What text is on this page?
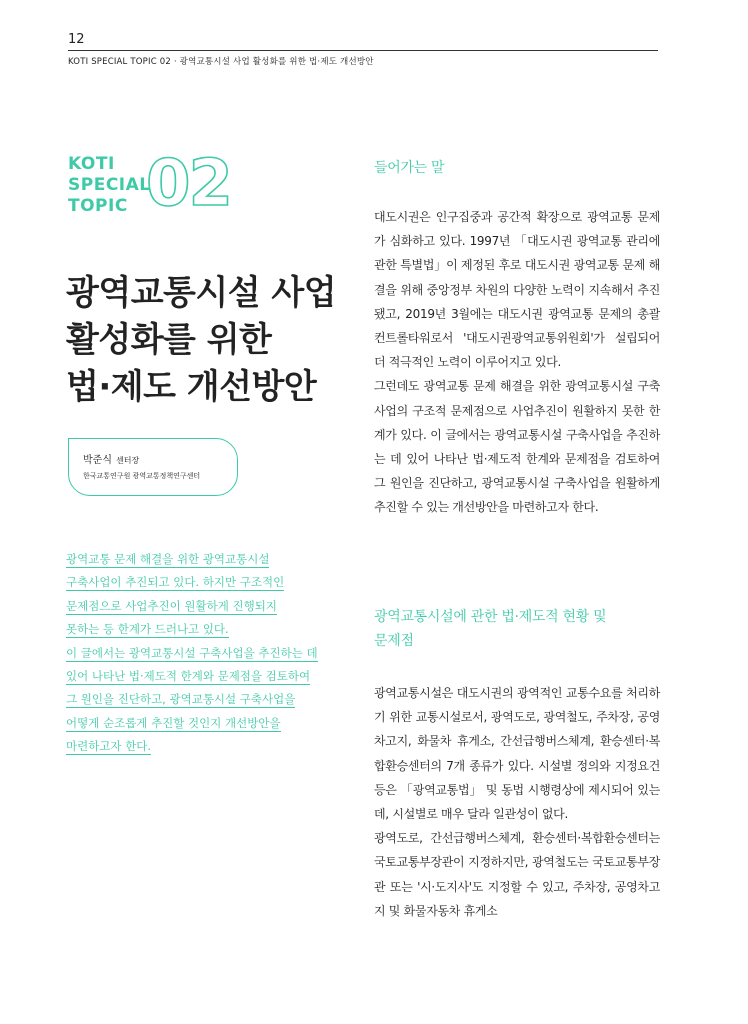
12
KOTI SPECIAL TOPIC 02 · 광역교통시설 사업 활성화를 위한 법·제도 개선방안
KOTI
SPECIAL
TOPIC 02
광역교통시설 사업
활성화를 위한
법·제도 개선방안
박준식 센터장
한국교통연구원 광역교통정책연구센터
광역교통 문제 해결을 위한 광역교통시설
구축사업이 추진되고 있다. 하지만 구조적인
문제점으로 사업추진이 원활하게 진행되지
못하는 등 한계가 드러나고 있다.
이 글에서는 광역교통시설 구축사업을 추진하는 데
있어 나타난 법·제도적 한계와 문제점을 검토하여
그 원인을 진단하고, 광역교통시설 구축사업을
어떻게 순조롭게 추진할 것인지 개선방안을
마련하고자 한다.
들어가는 말

대도시권은 인구집중과 공간적 확장으로 광역교통 문제가 심화하고 있다. 1997년 「대도시권 광역교통 관리에 관한 특별법」이 제정된 후로 대도시권 광역교통 문제 해결을 위해 중앙정부 차원의 다양한 노력이 지속해서 추진됐고, 2019년 3월에는 대도시권 광역교통 문제의 총괄 컨트롤타워로서 '대도시권광역교통위원회'가 설립되어 더 적극적인 노력이 이루어지고 있다.

그런데도 광역교통 문제 해결을 위한 광역교통시설 구축사업의 구조적 문제점으로 사업추진이 원활하지 못한 한계가 있다. 이 글에서는 광역교통시설 구축사업을 추진하는 데 있어 나타난 법·제도적 한계와 문제점을 검토하여 그 원인을 진단하고, 광역교통시설 구축사업을 원활하게 추진할 수 있는 개선방안을 마련하고자 한다.

광역교통시설에 관한 법·제도적 현황 및
문제점

광역교통시설은 대도시권의 광역적인 교통수요를 처리하기 위한 교통시설로서, 광역도로, 광역철도, 주차장, 공영차고지, 화물차 휴게소, 간선급행버스체계, 환승센터·복합환승센터의 7개 종류가 있다. 시설별 정의와 지정요건 등은 「광역교통법」 및 동법 시행령상에 제시되어 있는데, 시설별로 매우 달라 일관성이 없다.

광역도로, 간선급행버스체계, 환승센터·복합환승센터는 국토교통부장관이 지정하지만, 광역철도는 국토교통부장관 또는 '시·도지사'도 지정할 수 있고, 주차장, 공영차고지 및 화물자동차 휴게소
